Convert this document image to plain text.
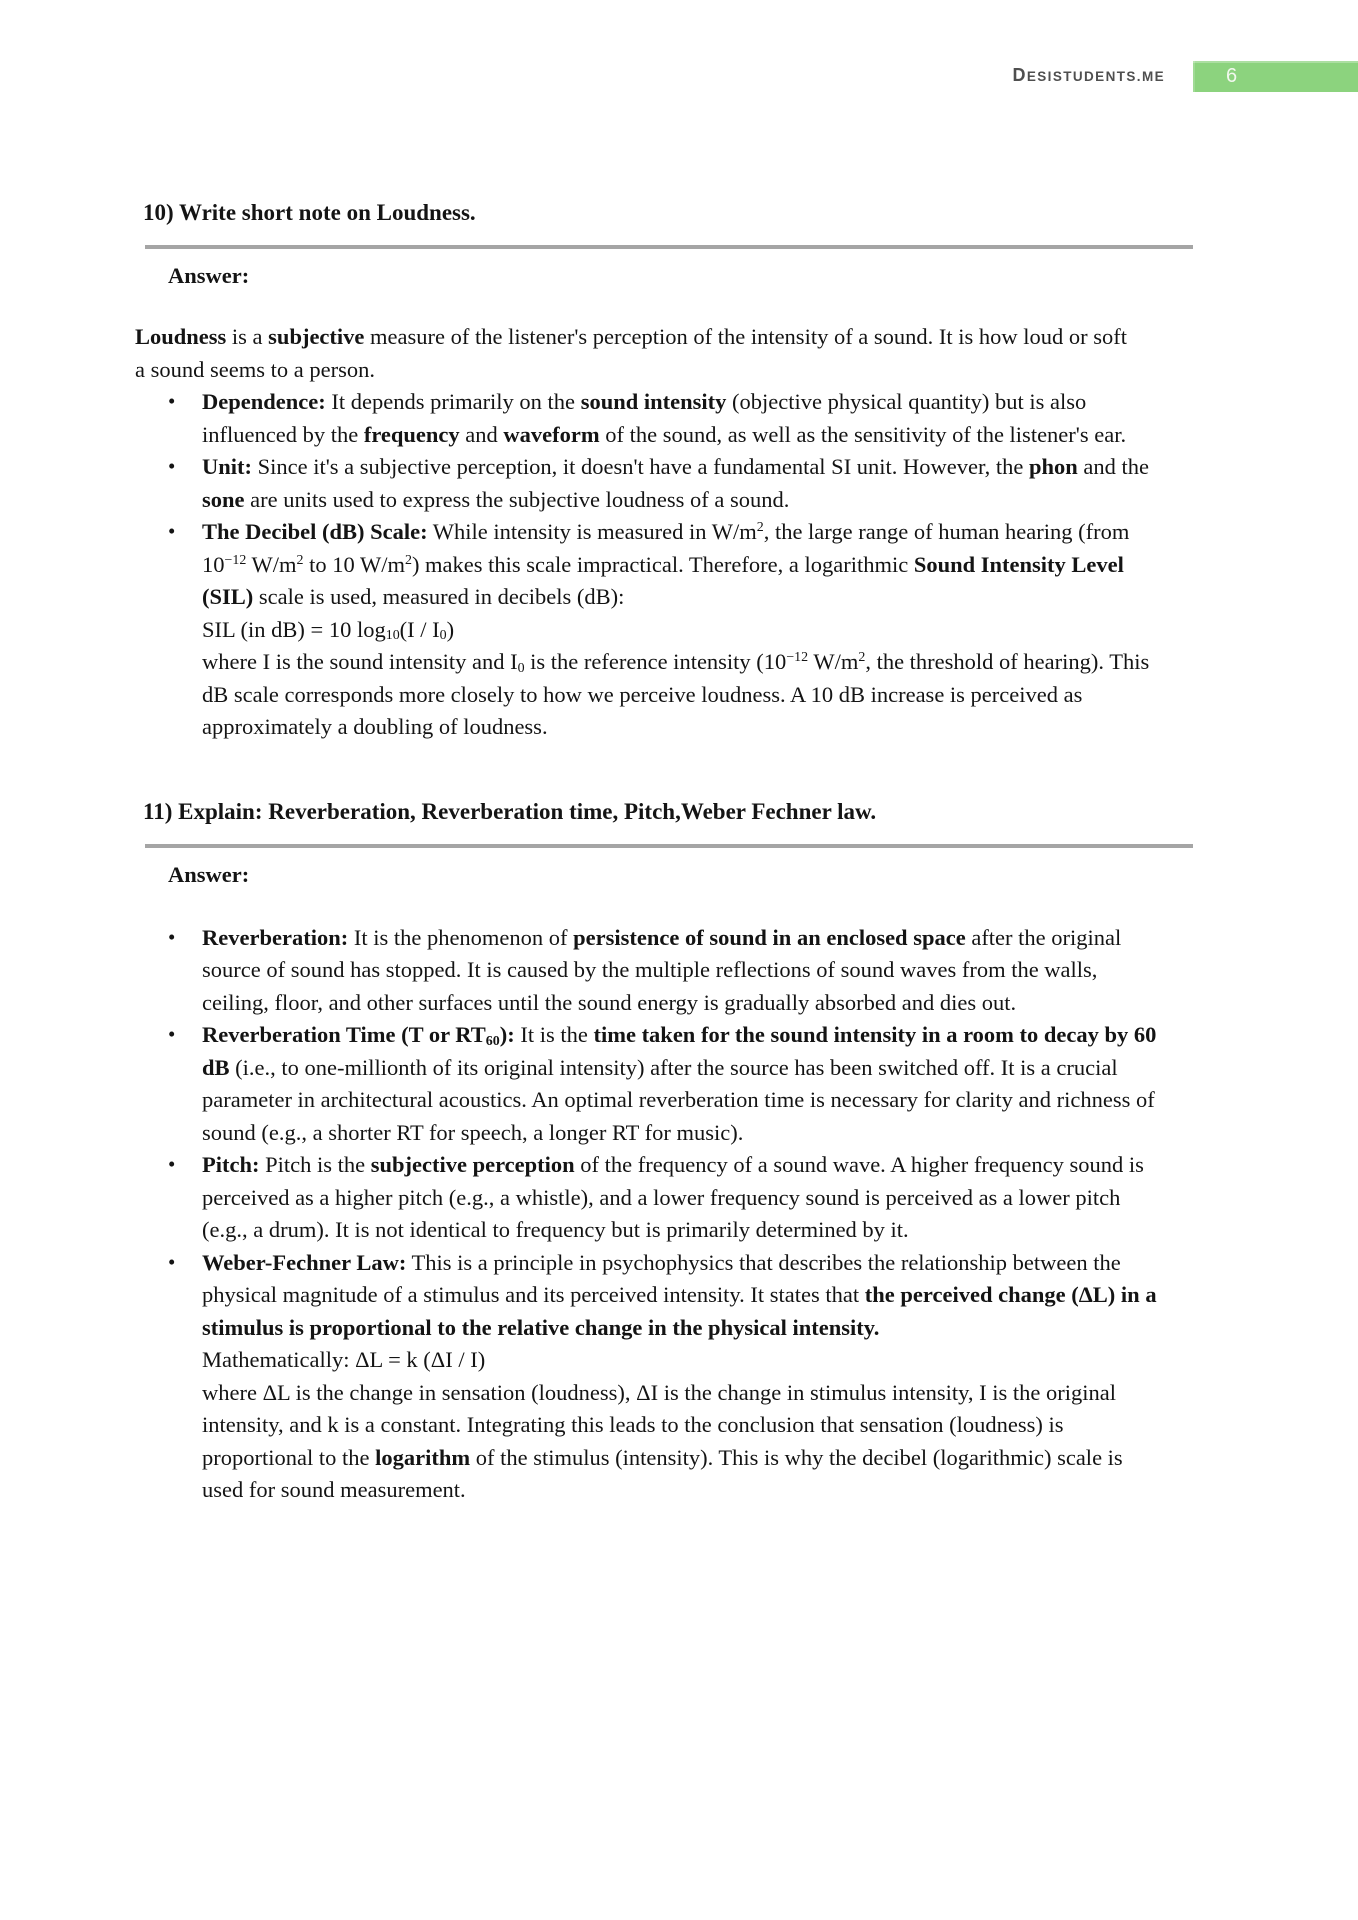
DESISTUDENTS.ME	6
10) Write short note on Loudness.
Answer:

Loudness is a subjective measure of the listener's perception of the intensity of a sound. It is how loud or soft a sound seems to a person.

• Dependence: It depends primarily on the sound intensity (objective physical quantity) but is also influenced by the frequency and waveform of the sound, as well as the sensitivity of the listener's ear.
• Unit: Since it's a subjective perception, it doesn't have a fundamental SI unit. However, the phon and the sone are units used to express the subjective loudness of a sound.
• The Decibel (dB) Scale: While intensity is measured in $W/m^2$, the large range of human hearing (from $10^{-12}$ $W/m^2$ to 10 $W/m^2$) makes this scale impractical. Therefore, a logarithmic Sound Intensity Level (SIL) scale is used, measured in decibels (dB):
SIL (in dB) = 10 $\log_{10}(I / I_0)$
where I is the sound intensity and $I_0$ is the reference intensity ($10^{-12}$ $W/m^2$, the threshold of hearing). This dB scale corresponds more closely to how we perceive loudness. A 10 dB increase is perceived as approximately a doubling of loudness.
11) Explain: Reverberation, Reverberation time, Pitch,Weber Fechner law.
Answer:
• Reverberation: It is the phenomenon of persistence of sound in an enclosed space after the original source of sound has stopped. It is caused by the multiple reflections of sound waves from the walls, ceiling, floor, and other surfaces until the sound energy is gradually absorbed and dies out.
• Reverberation Time (T or $RT_{60}$): It is the time taken for the sound intensity in a room to decay by 60 dB (i.e., to one-millionth of its original intensity) after the source has been switched off. It is a crucial parameter in architectural acoustics. An optimal reverberation time is necessary for clarity and richness of sound (e.g., a shorter RT for speech, a longer RT for music).
• Pitch: Pitch is the subjective perception of the frequency of a sound wave. A higher frequency sound is perceived as a higher pitch (e.g., a whistle), and a lower frequency sound is perceived as a lower pitch (e.g., a drum). It is not identical to frequency but is primarily determined by it.
• Weber-Fechner Law: This is a principle in psychophysics that describes the relationship between the physical magnitude of a stimulus and its perceived intensity. It states that the perceived change (ΔL) in a stimulus is proportional to the relative change in the physical intensity.
Mathematically: ΔL = k (ΔI / I)
where ΔL is the change in sensation (loudness), ΔI is the change in stimulus intensity, I is the original intensity, and k is a constant. Integrating this leads to the conclusion that sensation (loudness) is proportional to the logarithm of the stimulus (intensity). This is why the decibel (logarithmic) scale is used for sound measurement.
